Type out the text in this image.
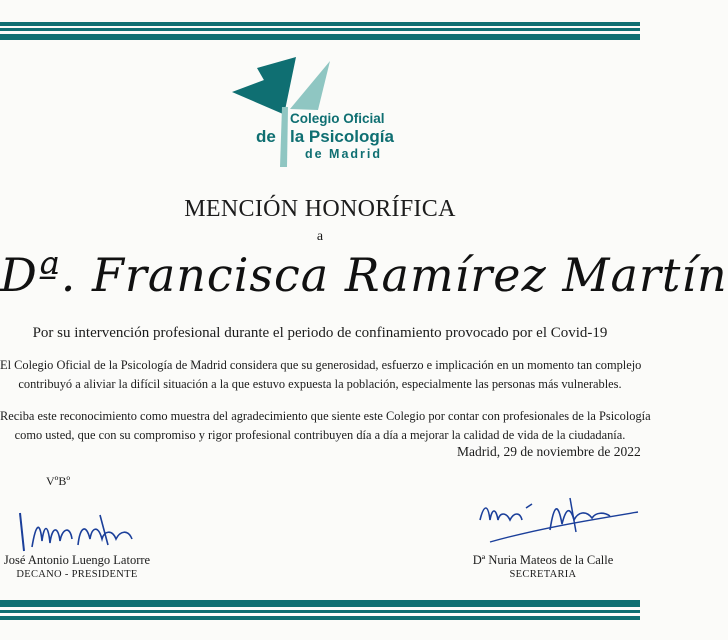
Colegio Oficial
de la Psicología
de Madrid
MENCIÓN HONORÍFICA
a
Dª. Francisca Ramírez Martín
Por su intervención profesional durante el periodo de confinamiento provocado por el Covid-19
El Colegio Oficial de la Psicología de Madrid considera que su generosidad, esfuerzo e implicación en un momento tan complejo
contribuyó a aliviar la difícil situación a la que estuvo expuesta la población, especialmente las personas más vulnerables.
Reciba este reconocimiento como muestra del agradecimiento que siente este Colegio por contar con profesionales de la Psicología
como usted, que con su compromiso y rigor profesional contribuyen día a día a mejorar la calidad de vida de la ciudadanía.
VºBº
José Antonio Luengo Latorre
DECANO - PRESIDENTE
Madrid, 29 de noviembre de 2022
Dª Nuria Mateos de la Calle
SECRETARIA
